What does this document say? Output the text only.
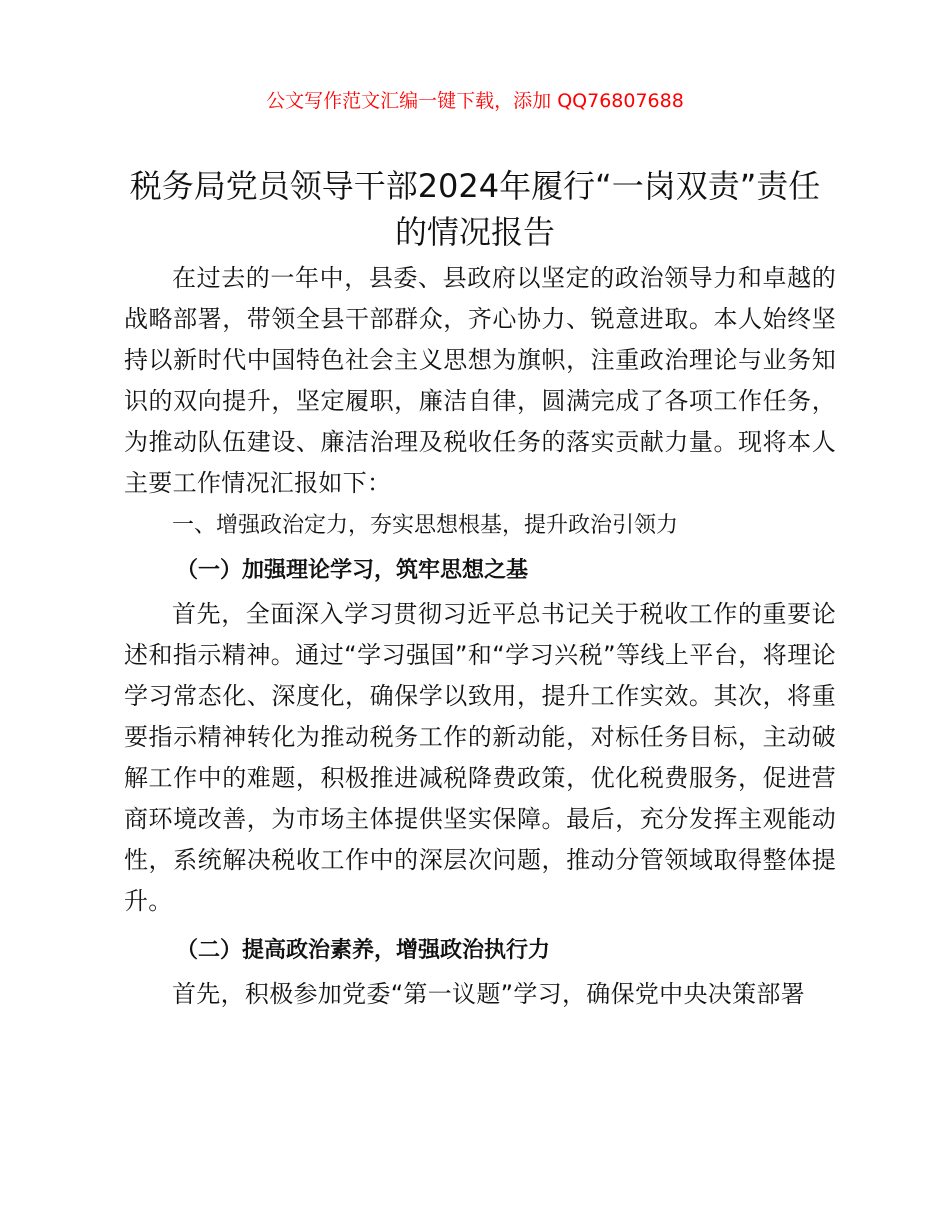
公文写作范文汇编一键下载，添加 QQ76807688
税务局党员领导干部2024年履行“一岗双责”责任的情况报告

在过去的一年中，县委、县政府以坚定的政治领导力和卓越的战略部署，带领全县干部群众，齐心协力、锐意进取。本人始终坚持以新时代中国特色社会主义思想为旗帜，注重政治理论与业务知识的双向提升，坚定履职，廉洁自律，圆满完成了各项工作任务，为推动队伍建设、廉洁治理及税收任务的落实贡献力量。现将本人主要工作情况汇报如下：

一、增强政治定力，夯实思想根基，提升政治引领力

（一）加强理论学习，筑牢思想之基

首先，全面深入学习贯彻习近平总书记关于税收工作的重要论述和指示精神。通过“学习强国”和“学习兴税”等线上平台，将理论学习常态化、深度化，确保学以致用，提升工作实效。其次，将重要指示精神转化为推动税务工作的新动能，对标任务目标，主动破解工作中的难题，积极推进减税降费政策，优化税费服务，促进营商环境改善，为市场主体提供坚实保障。最后，充分发挥主观能动性，系统解决税收工作中的深层次问题，推动分管领域取得整体提升。

（二）提高政治素养，增强政治执行力

首先，积极参加党委“第一议题”学习，确保党中央决策部署
